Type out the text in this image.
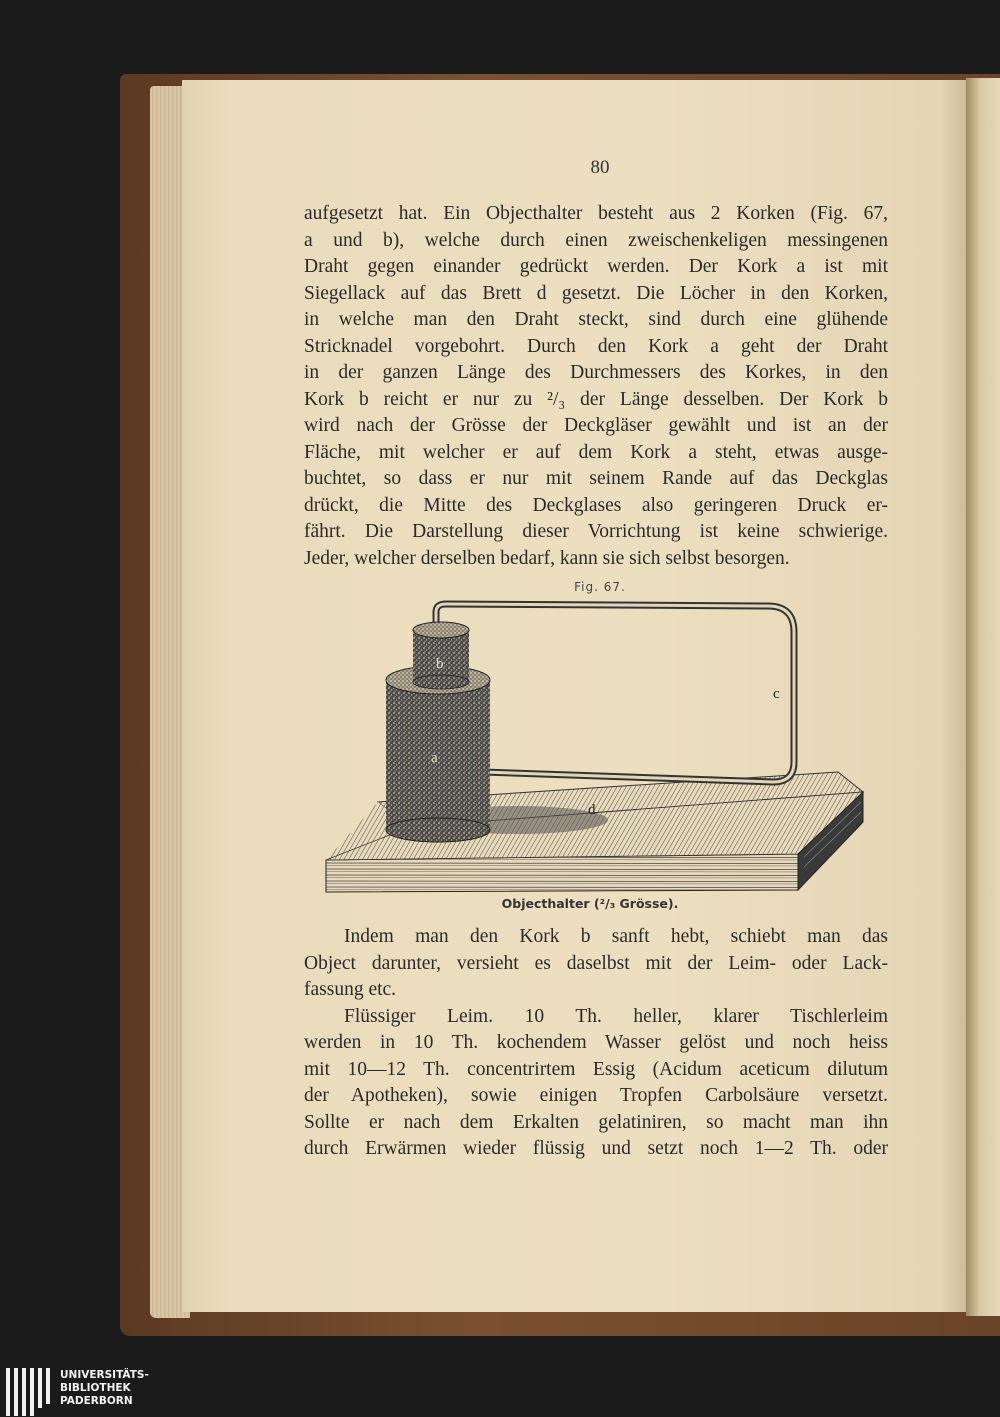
80
aufgesetzt hat. Ein Objecthalter besteht aus 2 Korken (Fig. 67,
a und b), welche durch einen zweischenkeligen messingenen
Draht gegen einander gedrückt werden. Der Kork a ist mit
Siegellack auf das Brett d gesetzt. Die Löcher in den Korken,
in welche man den Draht steckt, sind durch eine glühende
Stricknadel vorgebohrt. Durch den Kork a geht der Draht
in der ganzen Länge des Durchmessers des Korkes, in den
Kork b reicht er nur zu ²/₃ der Länge desselben. Der Kork b
wird nach der Grösse der Deckgläser gewählt und ist an der
Fläche, mit welcher er auf dem Kork a steht, etwas ausge-
buchtet, so dass er nur mit seinem Rande auf das Deckglas
drückt, die Mitte des Deckglases also geringeren Druck er-
fährt. Die Darstellung dieser Vorrichtung ist keine schwierige.
Jeder, welcher derselben bedarf, kann sie sich selbst besorgen.
Fig. 67.
b
a
c
d
Objecthalter (²/₃ Grösse).
Indem man den Kork b sanft hebt, schiebt man das
Object darunter, versieht es daselbst mit der Leim- oder Lack-
fassung etc.
Flüssiger Leim. 10 Th. heller, klarer Tischlerleim
werden in 10 Th. kochendem Wasser gelöst und noch heiss
mit 10—12 Th. concentrirtem Essig (Acidum aceticum dilutum
der Apotheken), sowie einigen Tropfen Carbolsäure versetzt.
Sollte er nach dem Erkalten gelatiniren, so macht man ihn
durch Erwärmen wieder flüssig und setzt noch 1—2 Th. oder
UNIVERSITÄTS-
BIBLIOTHEK
PADERBORN
